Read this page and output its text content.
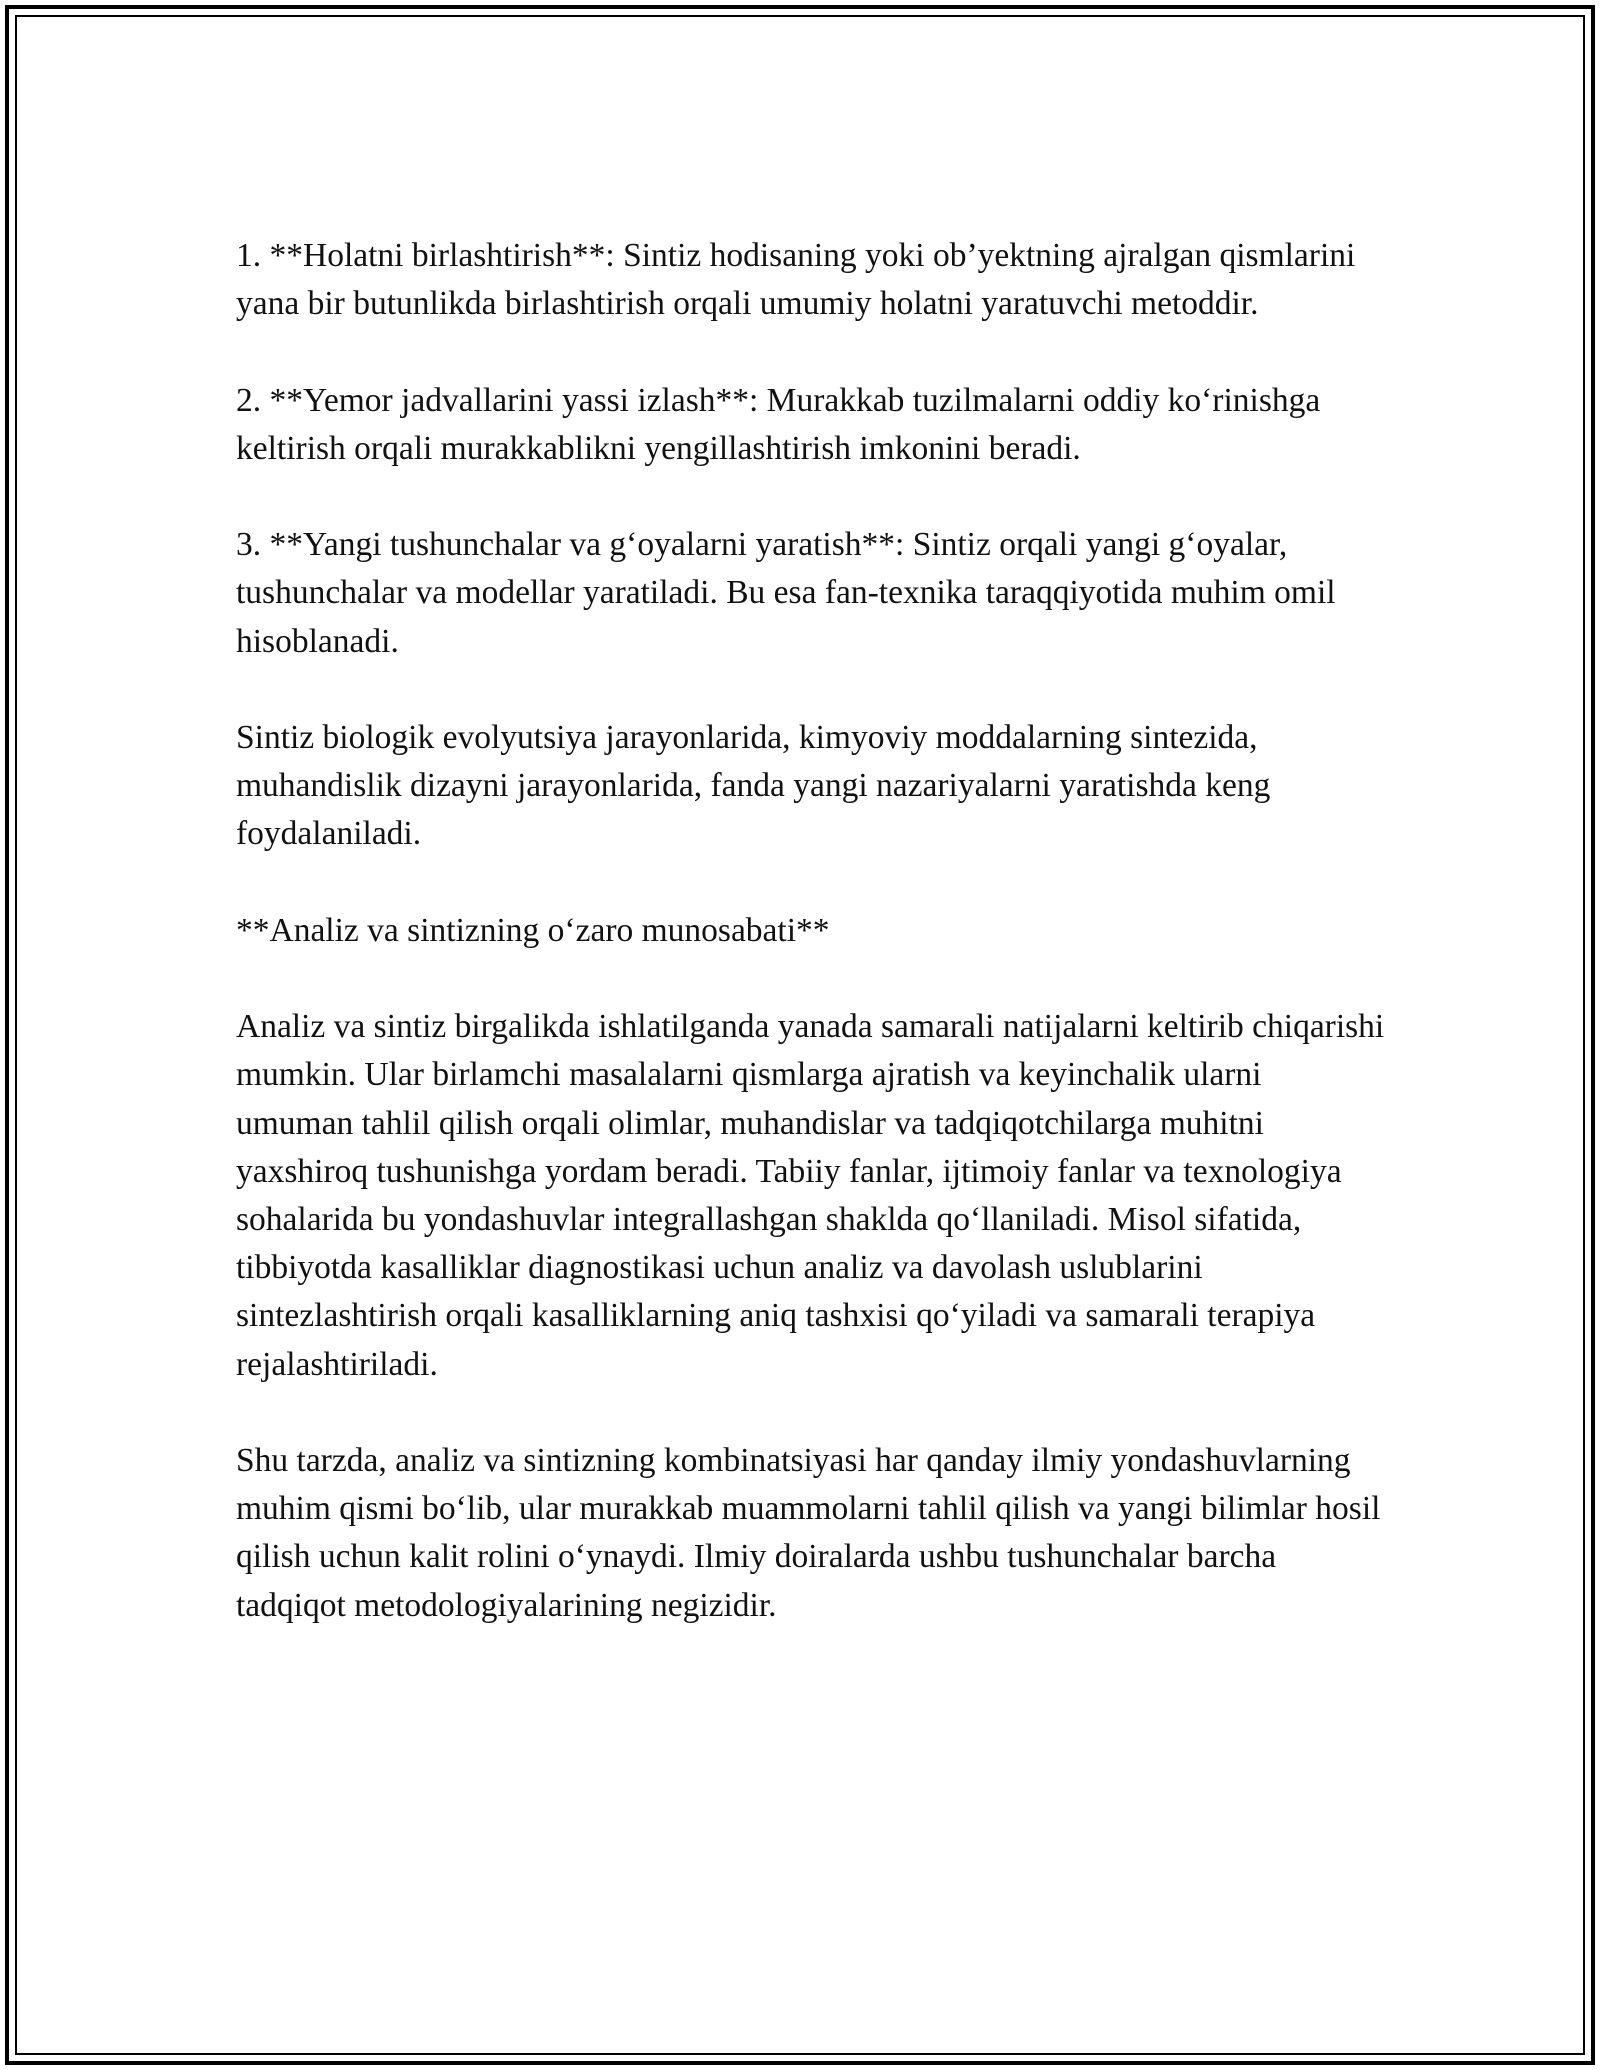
1. **Holatni birlashtirish**: Sintiz hodisaning yoki ob’yektning ajralgan qismlarini yana bir butunlikda birlashtirish orqali umumiy holatni yaratuvchi metoddir.

2. **Yemor jadvallarini yassi izlash**: Murakkab tuzilmalarni oddiy ko‘rinishga keltirish orqali murakkablikni yengillashtirish imkonini beradi.

3. **Yangi tushunchalar va g‘oyalarni yaratish**: Sintiz orqali yangi g‘oyalar, tushunchalar va modellar yaratiladi. Bu esa fan-texnika taraqqiyotida muhim omil hisoblanadi.

Sintiz biologik evolyutsiya jarayonlarida, kimyoviy moddalarning sintezida, muhandislik dizayni jarayonlarida, fanda yangi nazariyalarni yaratishda keng foydalaniladi.

**Analiz va sintizning o‘zaro munosabati**

Analiz va sintiz birgalikda ishlatilganda yanada samarali natijalarni keltirib chiqarishi mumkin. Ular birlamchi masalalarni qismlarga ajratish va keyinchalik ularni umuman tahlil qilish orqali olimlar, muhandislar va tadqiqotchilarga muhitni yaxshiroq tushunishga yordam beradi. Tabiiy fanlar, ijtimoiy fanlar va texnologiya sohalarida bu yondashuvlar integrallashgan shaklda qo‘llaniladi. Misol sifatida, tibbiyotda kasalliklar diagnostikasi uchun analiz va davolash uslublarini sintezlashtirish orqali kasalliklarning aniq tashxisi qo‘yiladi va samarali terapiya rejalashtiriladi.

Shu tarzda, analiz va sintizning kombinatsiyasi har qanday ilmiy yondashuvlarning muhim qismi bo‘lib, ular murakkab muammolarni tahlil qilish va yangi bilimlar hosil qilish uchun kalit rolini o‘ynaydi. Ilmiy doiralarda ushbu tushunchalar barcha tadqiqot metodologiyalarining negizidir.
